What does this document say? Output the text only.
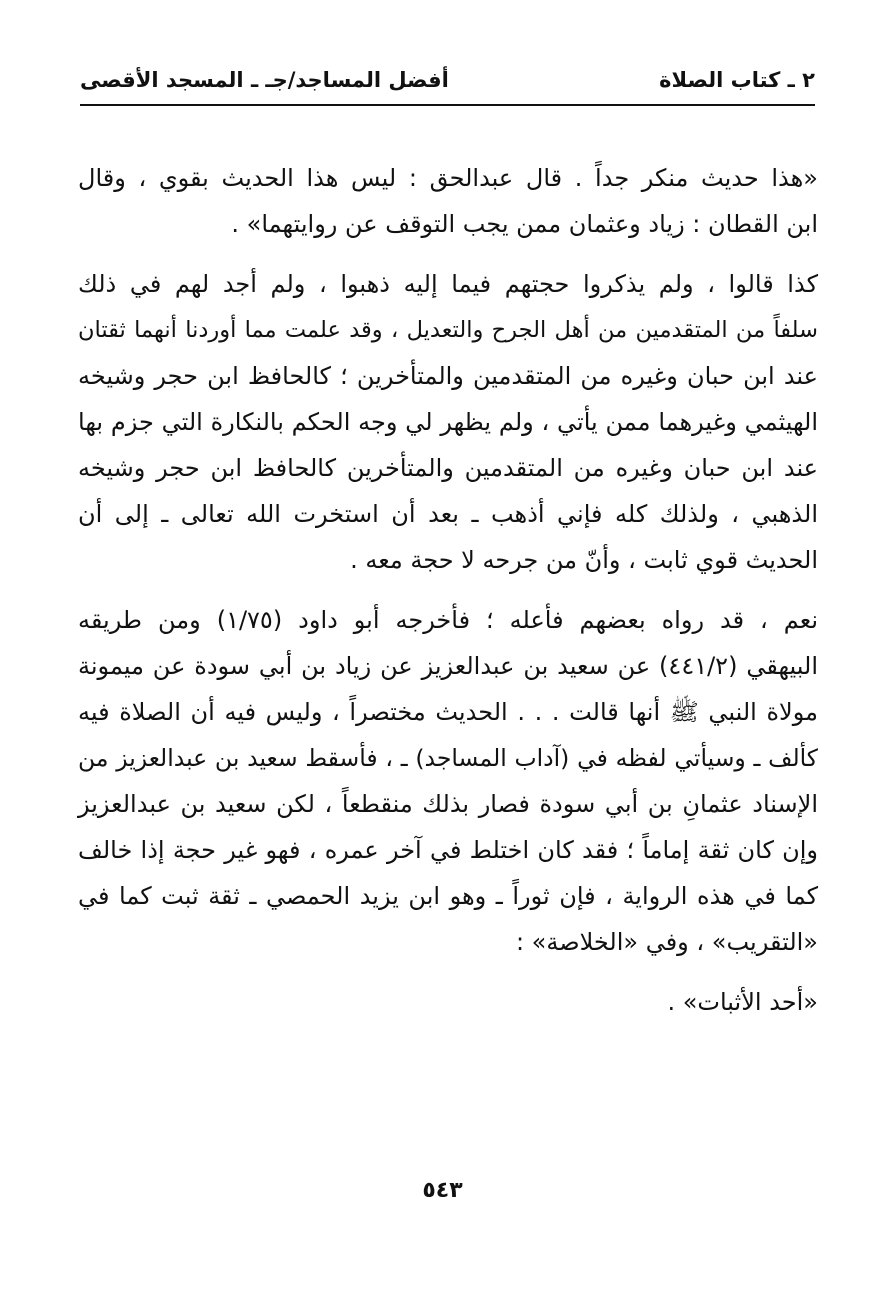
٢ ـ كتاب الصلاة
أفضل المساجد/جـ ـ المسجد الأقصى

«هذا حديث منكر جداً . قال عبدالحق : ليس هذا الحديث بقوي ، وقال
ابن القطان : زياد وعثمان ممن يجب التوقف عن روايتهما» .

كذا قالوا ، ولم يذكروا حجتهم فيما إليه ذهبوا ، ولم أجد لهم في ذلك
سلفاً من المتقدمين من أهل الجرح والتعديل ، وقد علمت مما أوردنا أنهما ثقتان
عند ابن حبان وغيره من المتقدمين والمتأخرين ؛ كالحافظ ابن حجر وشيخه
الهيثمي وغيرهما ممن يأتي ، ولم يظهر لي وجه الحكم بالنكارة التي جزم بها
عند ابن حبان وغيره من المتقدمين والمتأخرين كالحافظ ابن حجر وشيخه
الذهبي ، ولذلك كله فإني أذهب ـ بعد أن استخرت الله تعالى ـ إلى أن
الحديث قوي ثابت ، وأنّ من جرحه لا حجة معه .

نعم ، قد رواه بعضهم فأعله ؛ فأخرجه أبو داود (١/٧٥) ومن طريقه
البيهقي (٤٤١/٢) عن سعيد بن عبدالعزيز عن زياد بن أبي سودة عن ميمونة
مولاة النبي ﷺ أنها قالت . . . الحديث مختصراً ، وليس فيه أن الصلاة فيه
كألف ـ وسيأتي لفظه في (آداب المساجد) ـ ، فأسقط سعيد بن عبدالعزيز من
الإسناد عثمانِ بن أبي سودة فصار بذلك منقطعاً ، لكن سعيد بن عبدالعزيز
وإن كان ثقة إماماً ؛ فقد كان اختلط في آخر عمره ، فهو غير حجة إذا خالف
كما في هذه الرواية ، فإن ثوراً ـ وهو ابن يزيد الحمصي ـ ثقة ثبت كما في
«التقريب» ، وفي «الخلاصة» :

«أحد الأثبات» .

٥٤٣
